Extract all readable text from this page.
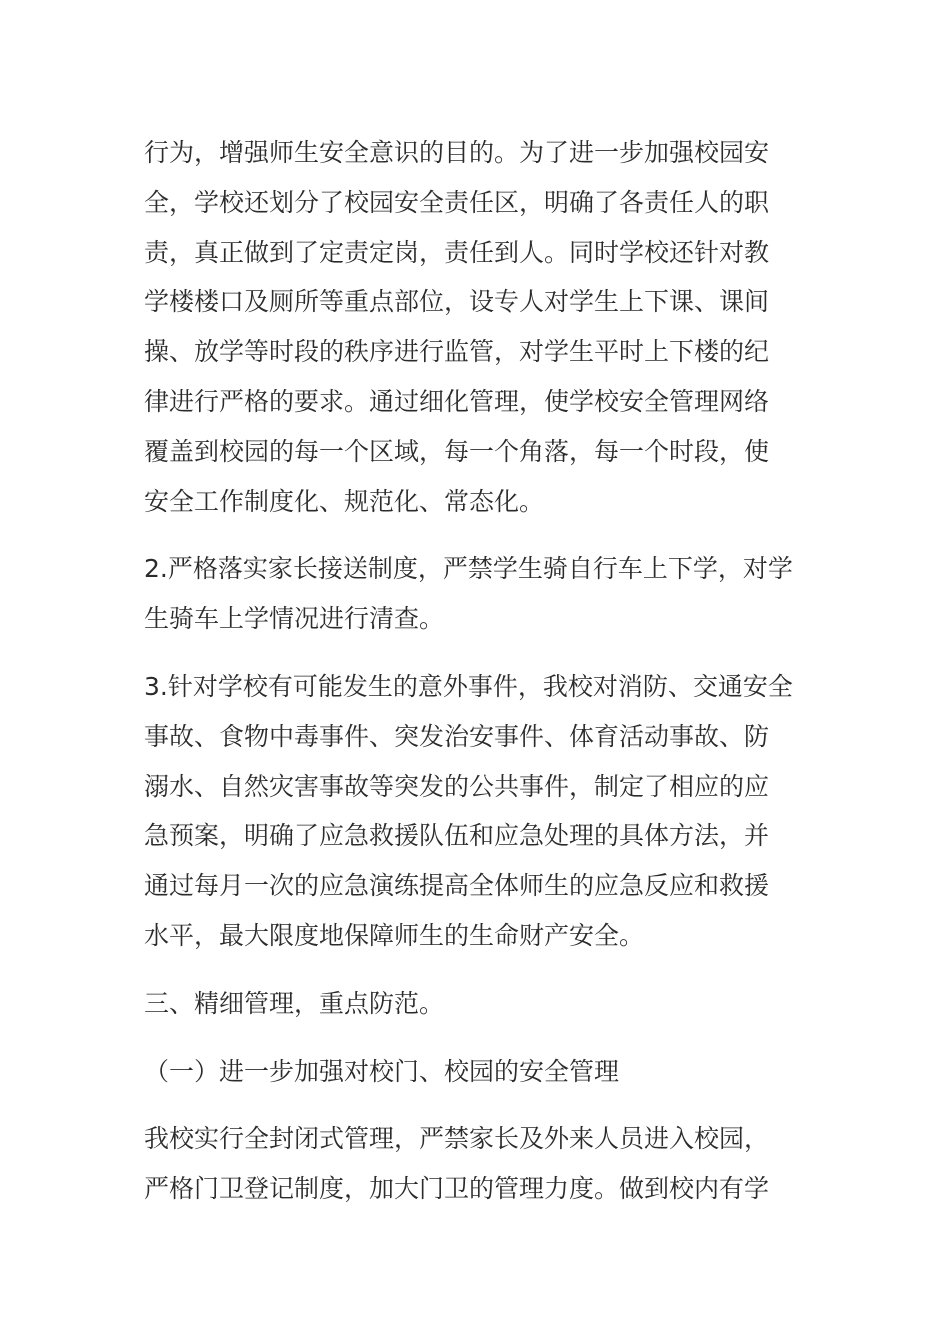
行为，增强师生安全意识的目的。为了进一步加强校园安
全，学校还划分了校园安全责任区，明确了各责任人的职
责，真正做到了定责定岗，责任到人。同时学校还针对教
学楼楼口及厕所等重点部位，设专人对学生上下课、课间
操、放学等时段的秩序进行监管，对学生平时上下楼的纪
律进行严格的要求。通过细化管理，使学校安全管理网络
覆盖到校园的每一个区域，每一个角落，每一个时段，使
安全工作制度化、规范化、常态化。

2.严格落实家长接送制度，严禁学生骑自行车上下学，对学
生骑车上学情况进行清查。

3.针对学校有可能发生的意外事件，我校对消防、交通安全
事故、食物中毒事件、突发治安事件、体育活动事故、防
溺水、自然灾害事故等突发的公共事件，制定了相应的应
急预案，明确了应急救援队伍和应急处理的具体方法，并
通过每月一次的应急演练提高全体师生的应急反应和救援
水平，最大限度地保障师生的生命财产安全。

三、精细管理，重点防范。

（一）进一步加强对校门、校园的安全管理

我校实行全封闭式管理，严禁家长及外来人员进入校园，
严格门卫登记制度，加大门卫的管理力度。做到校内有学
